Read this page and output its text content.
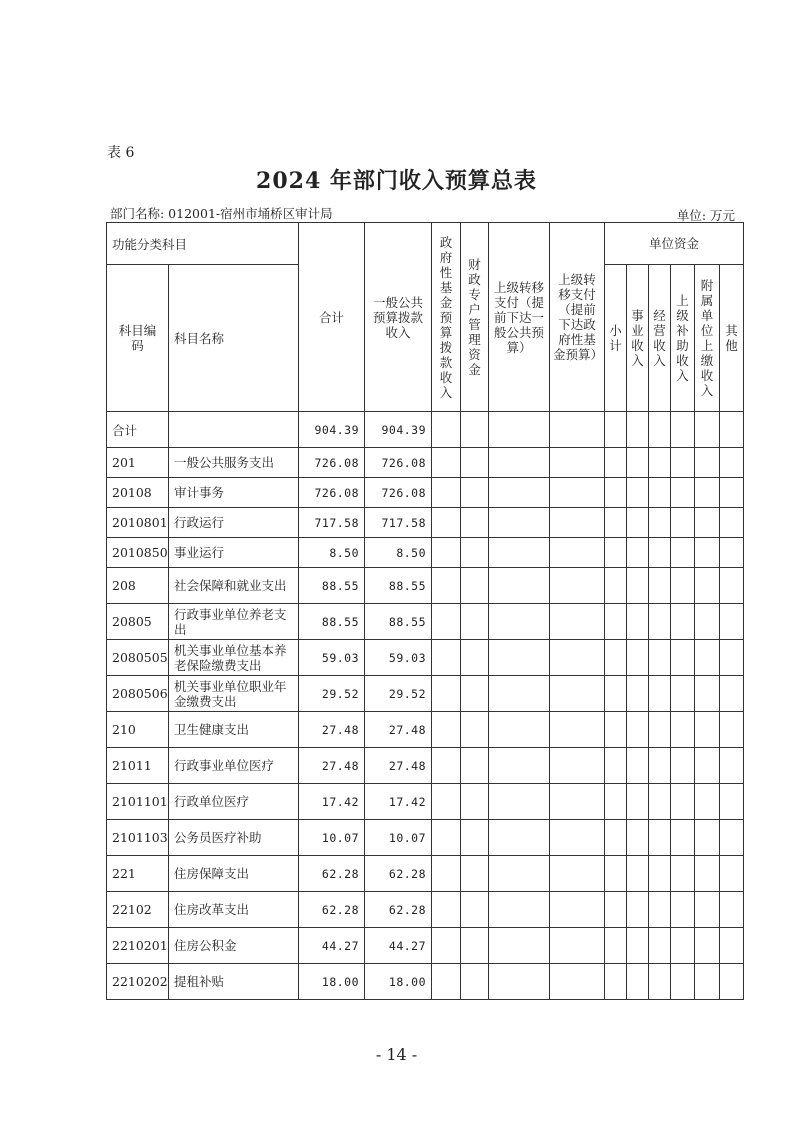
表 6
2024 年部门收入预算总表
部门名称: 012001-宿州市埇桥区审计局	单位: 万元
功能分类科目		合计	一般公共预算拨款收入	政府性基金预算拨款收入	财政专户管理资金	上级转移支付（提前下达一般公共预算）	上级转移支付（提前下达政府性基金预算）	单位资金					
科目编码	科目名称							小计	事业收入	经营收入	上级补助收入	附属单位上缴收入	其他
合计		904.39	904.39										
201	一般公共服务支出	726.08	726.08										
20108	审计事务	726.08	726.08										
2010801	行政运行	717.58	717.58										
2010850	事业运行	8.50	8.50										
208	社会保障和就业支出	88.55	88.55										
20805	行政事业单位养老支出	88.55	88.55										
2080505	机关事业单位基本养老保险缴费支出	59.03	59.03										
2080506	机关事业单位职业年金缴费支出	29.52	29.52										
210	卫生健康支出	27.48	27.48										
21011	行政事业单位医疗	27.48	27.48										
2101101	行政单位医疗	17.42	17.42										
2101103	公务员医疗补助	10.07	10.07										
221	住房保障支出	62.28	62.28										
22102	住房改革支出	62.28	62.28										
2210201	住房公积金	44.27	44.27										
2210202	提租补贴	18.00	18.00										
- 14 -
